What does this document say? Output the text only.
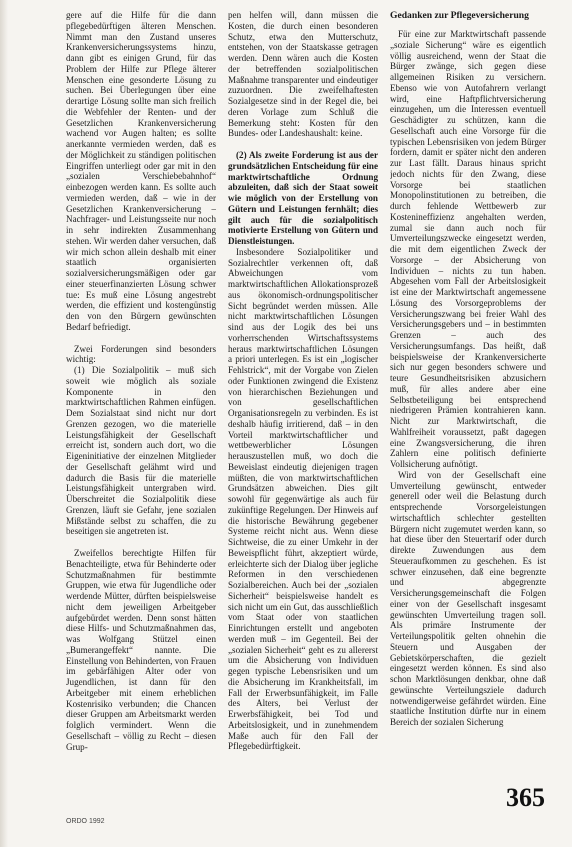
gere auf die Hilfe für die dann pflegebedürftigen älteren Menschen. Nimmt man den Zustand unseres Krankenversicherungssystems hinzu, dann gibt es einigen Grund, für das Problem der Hilfe zur Pflege älterer Menschen eine gesonderte Lösung zu suchen. Bei Überlegungen über eine derartige Lösung sollte man sich freilich die Webfehler der Renten- und der Gesetzlichen Krankenversicherung wachend vor Augen halten; es sollte anerkannte vermieden werden, daß es der Möglichkeit zu ständigen politischen Eingriffen unterliegt oder gar mit in den „sozialen Verschiebebahnhof“ einbezogen werden kann. Es sollte auch vermieden werden, daß – wie in der Gesetzlichen Krankenversicherung – Nachfrager- und Leistungsseite nur noch in sehr indirekten Zusammenhang stehen. Wir werden daher versuchen, daß wir mich schon allein deshalb mit einer staatlich organisierten sozialversicherungsmäßigen oder gar einer steuerfinanzierten Lösung schwer tue: Es muß eine Lösung angestrebt werden, die effizient und kostengünstig den von den Bürgern gewünschten Bedarf befriedigt.

Zwei Forderungen sind besonders wichtig:

(1) Die Sozialpolitik – muß sich soweit wie möglich als soziale Komponente in den marktwirtschaftlichen Rahmen einfügen. Dem Sozialstaat sind nicht nur dort Grenzen gezogen, wo die materielle Leistungsfähigkeit der Gesellschaft erreicht ist, sondern auch dort, wo die Eigeninitiative der einzelnen Mitglieder der Gesellschaft gelähmt wird und dadurch die Basis für die materielle Leistungsfähigkeit untergraben wird. Überschreitet die Sozialpolitik diese Grenzen, läuft sie Gefahr, jene sozialen Mißstände selbst zu schaffen, die zu beseitigen sie angetreten ist.

Zweifellos berechtigte Hilfen für Benachteiligte, etwa für Behinderte oder Schutzmaßnahmen für bestimmte Gruppen, wie etwa für Jugendliche oder werdende Mütter, dürften beispielsweise nicht dem jeweiligen Arbeitgeber aufgebürdet werden. Denn sonst hätten diese Hilfs- und Schutzmaßnahmen das, was Wolfgang Stützel einen „Bumerangeffekt“ nannte. Die Einstellung von Behinderten, von Frauen im gebärfähigen Alter oder von Jugendlichen, ist dann für den Arbeitgeber mit einem erheblichen Kostenrisiko verbunden; die Chancen dieser Gruppen am Arbeitsmarkt werden folglich vermindert. Wenn die Gesellschaft – völlig zu Recht – diesen Grup-

pen helfen will, dann müssen die Kosten, die durch einen besonderen Schutz, etwa den Mutterschutz, entstehen, von der Staatskasse getragen werden. Denn wären auch die Kosten der betreffenden sozialpolitischen Maßnahme transparenter und eindeutiger zuzuordnen. Die zweifelhaftesten Sozialgesetze sind in der Regel die, bei deren Vorlage zum Schluß die Bemerkung steht: Kosten für den Bundes- oder Landeshaushalt: keine.

(2) Als zweite Forderung ist aus der grundsätzlichen Entscheidung für eine marktwirtschaftliche Ordnung abzuleiten, daß sich der Staat soweit wie möglich von der Erstellung von Gütern und Leistungen fernhält; dies gilt auch für die sozialpolitisch motivierte Erstellung von Gütern und Dienstleistungen.

Insbesondere Sozialpolitiker und Sozialrechtler verkennen oft, daß Abweichungen vom marktwirtschaftlichen Allokationsprozeß aus ökonomisch-ordnungspolitischer Sicht begründet werden müssen. Alle nicht marktwirtschaftlichen Lösungen sind aus der Logik des bei uns vorherrschenden Wirtschaftssystems heraus marktwirtschaftlichen Lösungen a priori unterlegen. Es ist ein „logischer Fehlstrick“, mit der Vorgabe von Zielen oder Funktionen zwingend die Existenz von hierarchischen Beziehungen und von gesellschaftlichen Organisationsregeln zu verbinden. Es ist deshalb häufig irritierend, daß – in den Vorteil marktwirtschaftlicher und wettbewerblicher Lösungen herauszustellen muß, wo doch die Beweislast eindeutig diejenigen tragen müßten, die von marktwirtschaftlichen Grundsätzen abweichen. Dies gilt sowohl für gegenwärtige als auch für zukünftige Regelungen. Der Hinweis auf die historische Bewährung gegebener Systeme reicht nicht aus. Wenn diese Sichtweise, die zu einer Umkehr in der Beweispflicht führt, akzeptiert würde, erleichterte sich der Dialog über jegliche Reformen in den verschiedenen Sozialbereichen. Auch bei der „sozialen Sicherheit“ beispielsweise handelt es sich nicht um ein Gut, das ausschließlich vom Staat oder von staatlichen Einrichtungen erstellt und angeboten werden muß – im Gegenteil. Bei der „sozialen Sicherheit“ geht es zu allererst um die Absicherung von Individuen gegen typische Lebensrisiken und um die Absicherung im Krankheitsfall, im Fall der Erwerbsunfähigkeit, im Falle des Alters, bei Verlust der Erwerbsfähigkeit, bei Tod und Arbeitslosigkeit, und in zunehmendem Maße auch für den Fall der Pflegebedürftigkeit.

Gedanken zur Pflegeversicherung

Für eine zur Marktwirtschaft passende „soziale Sicherung“ wäre es eigentlich völlig ausreichend, wenn der Staat die Bürger zwänge, sich gegen diese allgemeinen Risiken zu versichern. Ebenso wie von Autofahrern verlangt wird, eine Haftpflichtversicherung einzugehen, um die Interessen eventuell Geschädigter zu schützen, kann die Gesellschaft auch eine Vorsorge für die typischen Lebensrisiken von jedem Bürger fordern, damit er später nicht den anderen zur Last fällt. Daraus hinaus spricht jedoch nichts für den Zwang, diese Vorsorge bei staatlichen Monopolinstitutionen zu betreiben, die durch fehlende Wettbewerb zur Kostenineffizienz angehalten werden, zumal sie dann auch noch für Umverteilungszwecke eingesetzt werden, die mit dem eigentlichen Zweck der Vorsorge – der Absicherung von Individuen – nichts zu tun haben. Abgesehen vom Fall der Arbeitslosigkeit ist eine der Marktwirtschaft angemessene Lösung des Vorsorgeproblems der Versicherungszwang bei freier Wahl des Versicherungsgebers und – in bestimmten Grenzen – auch des Versicherungsumfangs. Das heißt, daß beispielsweise der Krankenversicherte sich nur gegen besonders schwere und teure Gesundheitsrisiken abzusichern muß, für alles andere aber eine Selbstbeteiligung bei entsprechend niedrigeren Prämien kontrahieren kann. Nicht zur Marktwirtschaft, die Wahlfreiheit voraussetzt, paßt dagegen eine Zwangsversicherung, die ihren Zahlern eine politisch definierte Vollsicherung aufnötigt.

Wird von der Gesellschaft eine Umverteilung gewünscht, entweder generell oder weil die Belastung durch entsprechende Vorsorgeleistungen wirtschaftlich schlechter gestellten Bürgern nicht zugemutet werden kann, so hat diese über den Steuertarif oder durch direkte Zuwendungen aus dem Steueraufkommen zu geschehen. Es ist schwer einzusehen, daß eine begrenzte und abgegrenzte Versicherungsgemeinschaft die Folgen einer von der Gesellschaft insgesamt gewünschten Umverteilung tragen soll. Als primäre Instrumente der Verteilungspolitik gelten ohnehin die Steuern und Ausgaben der Gebietskörperschaften, die gezielt eingesetzt werden können. Es sind also schon Marktlösungen denkbar, ohne daß gewünschte Verteilungsziele dadurch notwendigerweise gefährdet würden. Eine staatliche Institution dürfte nur in einem Bereich der sozialen Sicherung

ORDO 1992
365
